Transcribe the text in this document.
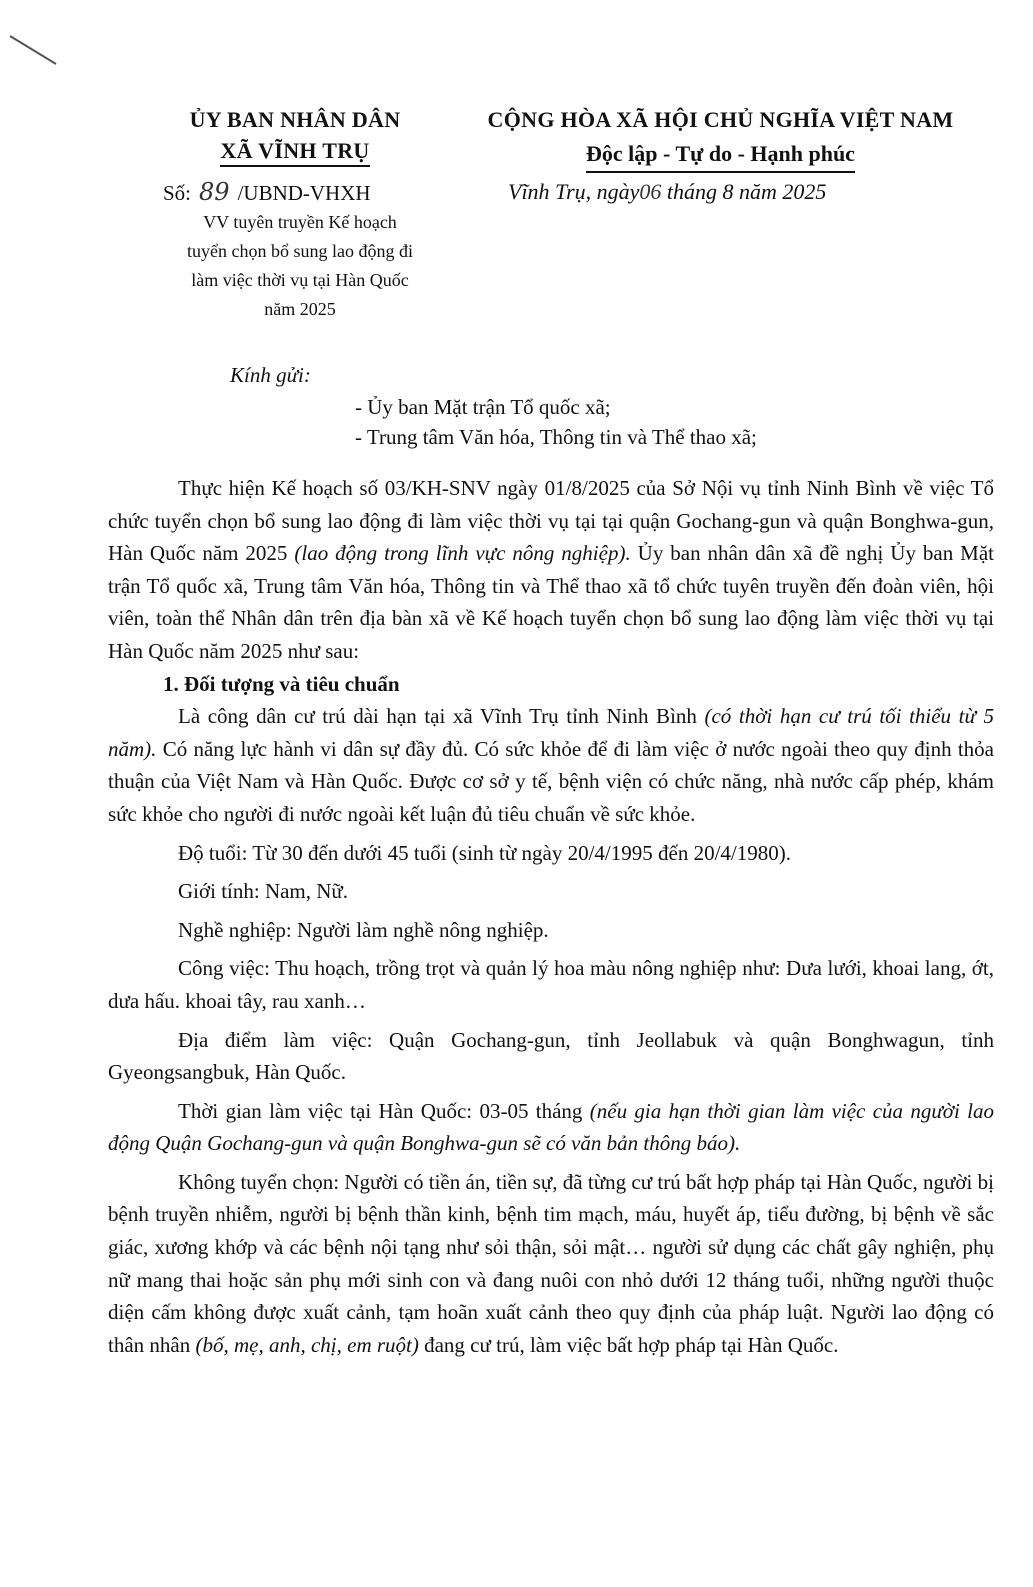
ỦY BAN NHÂN DÂN
XÃ VĨNH TRỤ
CỘNG HÒA XÃ HỘI CHỦ NGHĨA VIỆT NAM
Độc lập - Tự do - Hạnh phúc
Số: 89 /UBND-VHXH
VV tuyên truyền Kế hoạch
tuyển chọn bổ sung lao động đi
làm việc thời vụ tại Hàn Quốc
năm 2025
Vĩnh Trụ, ngày06 tháng 8 năm 2025
Kính gửi:
- Ủy ban Mặt trận Tổ quốc xã;
- Trung tâm Văn hóa, Thông tin và Thể thao xã;

Thực hiện Kế hoạch số 03/KH-SNV ngày 01/8/2025 của Sở Nội vụ tỉnh Ninh Bình về việc Tổ chức tuyển chọn bổ sung lao động đi làm việc thời vụ tại tại quận Gochang-gun và quận Bonghwa-gun, Hàn Quốc năm 2025 (lao động trong lĩnh vực nông nghiệp). Ủy ban nhân dân xã đề nghị Ủy ban Mặt trận Tổ quốc xã, Trung tâm Văn hóa, Thông tin và Thể thao xã tổ chức tuyên truyền đến đoàn viên, hội viên, toàn thể Nhân dân trên địa bàn xã về Kế hoạch tuyển chọn bổ sung lao động làm việc thời vụ tại Hàn Quốc năm 2025 như sau:

1. Đối tượng và tiêu chuẩn

Là công dân cư trú dài hạn tại xã Vĩnh Trụ tỉnh Ninh Bình (có thời hạn cư trú tối thiểu từ 5 năm). Có năng lực hành vi dân sự đầy đủ. Có sức khỏe để đi làm việc ở nước ngoài theo quy định thỏa thuận của Việt Nam và Hàn Quốc. Được cơ sở y tế, bệnh viện có chức năng, nhà nước cấp phép, khám sức khỏe cho người đi nước ngoài kết luận đủ tiêu chuẩn về sức khỏe.

Độ tuổi: Từ 30 đến dưới 45 tuổi (sinh từ ngày 20/4/1995 đến 20/4/1980).

Giới tính: Nam, Nữ.

Nghề nghiệp: Người làm nghề nông nghiệp.

Công việc: Thu hoạch, trồng trọt và quản lý hoa màu nông nghiệp như: Dưa lưới, khoai lang, ớt, dưa hấu. khoai tây, rau xanh…

Địa điểm làm việc: Quận Gochang-gun, tỉnh Jeollabuk và quận Bonghwagun, tỉnh Gyeongsangbuk, Hàn Quốc.

Thời gian làm việc tại Hàn Quốc: 03-05 tháng (nếu gia hạn thời gian làm việc của người lao động Quận Gochang-gun và quận Bonghwa-gun sẽ có văn bản thông báo).

Không tuyển chọn: Người có tiền án, tiền sự, đã từng cư trú bất hợp pháp tại Hàn Quốc, người bị bệnh truyền nhiễm, người bị bệnh thần kinh, bệnh tim mạch, máu, huyết áp, tiểu đường, bị bệnh về sắc giác, xương khớp và các bệnh nội tạng như sỏi thận, sỏi mật… người sử dụng các chất gây nghiện, phụ nữ mang thai hoặc sản phụ mới sinh con và đang nuôi con nhỏ dưới 12 tháng tuổi, những người thuộc diện cấm không được xuất cảnh, tạm hoãn xuất cảnh theo quy định của pháp luật. Người lao động có thân nhân (bố, mẹ, anh, chị, em ruột) đang cư trú, làm việc bất hợp pháp tại Hàn Quốc.
